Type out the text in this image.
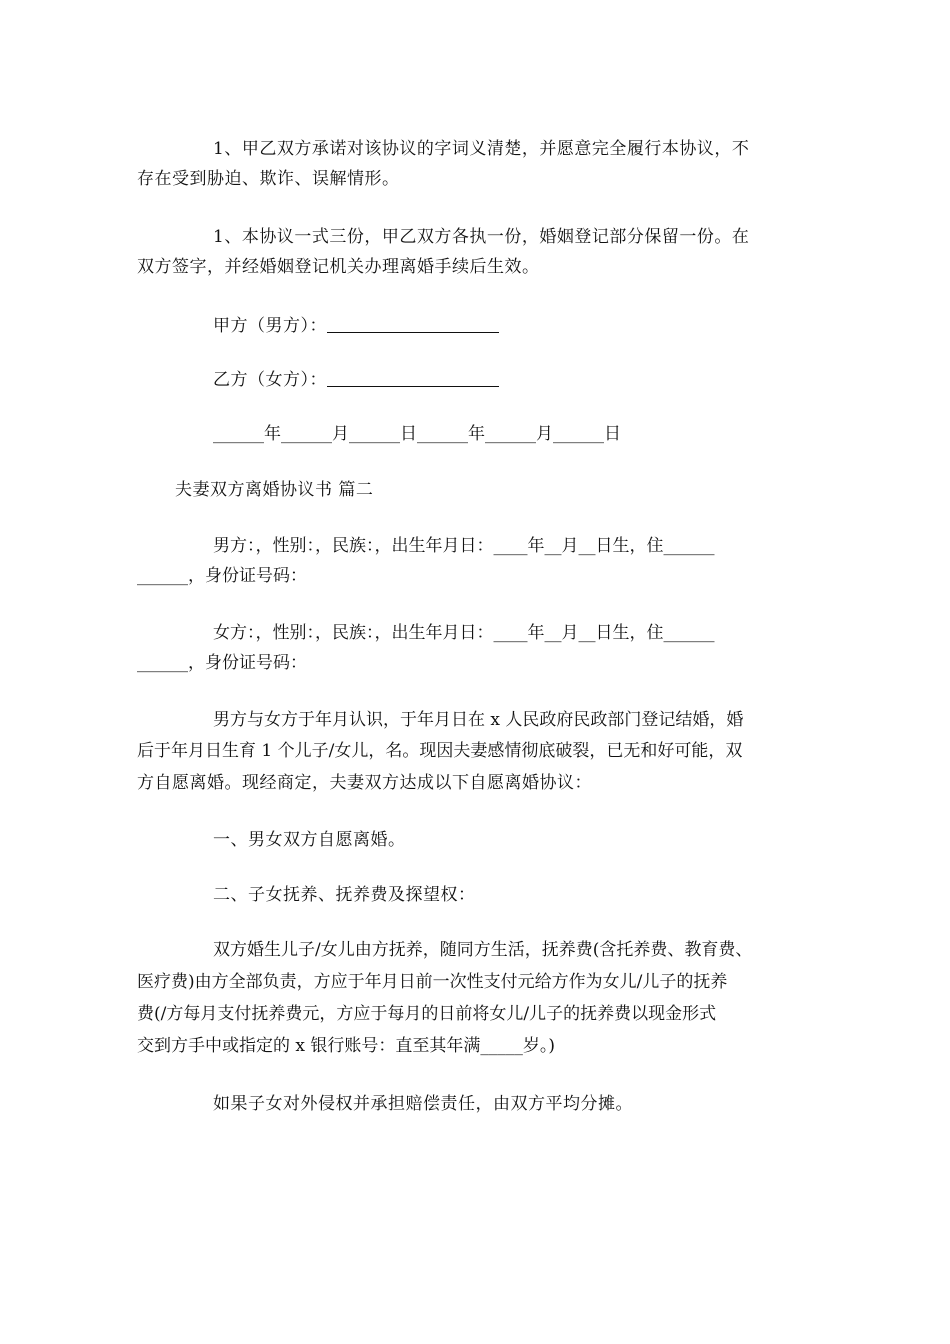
1、甲乙双方承诺对该协议的字词义清楚，并愿意完全履行本协议，不
存在受到胁迫、欺诈、误解情形。
1、本协议一式三份，甲乙双方各执一份，婚姻登记部分保留一份。在
双方签字，并经婚姻登记机关办理离婚手续后生效。
甲方（男方）：
乙方（女方）：
______年______月______日______年______月______日
夫妻双方离婚协议书 篇二
男方：，性别：，民族：，出生年月日：____年__月__日生，住______
______，身份证号码：
女方：，性别：，民族：，出生年月日：____年__月__日生，住______
______，身份证号码：
男方与女方于年月认识，于年月日在 x 人民政府民政部门登记结婚，婚
后于年月日生育 1 个儿子/女儿，名。现因夫妻感情彻底破裂，已无和好可能，双
方自愿离婚。现经商定，夫妻双方达成以下自愿离婚协议：
一、男女双方自愿离婚。
二、子女抚养、抚养费及探望权：
双方婚生儿子/女儿由方抚养，随同方生活，抚养费(含托养费、教育费、
医疗费)由方全部负责，方应于年月日前一次性支付元给方作为女儿/儿子的抚养
费(/方每月支付抚养费元，方应于每月的日前将女儿/儿子的抚养费以现金形式
交到方手中或指定的 x 银行账号：直至其年满_____岁。)
如果子女对外侵权并承担赔偿责任，由双方平均分摊。
